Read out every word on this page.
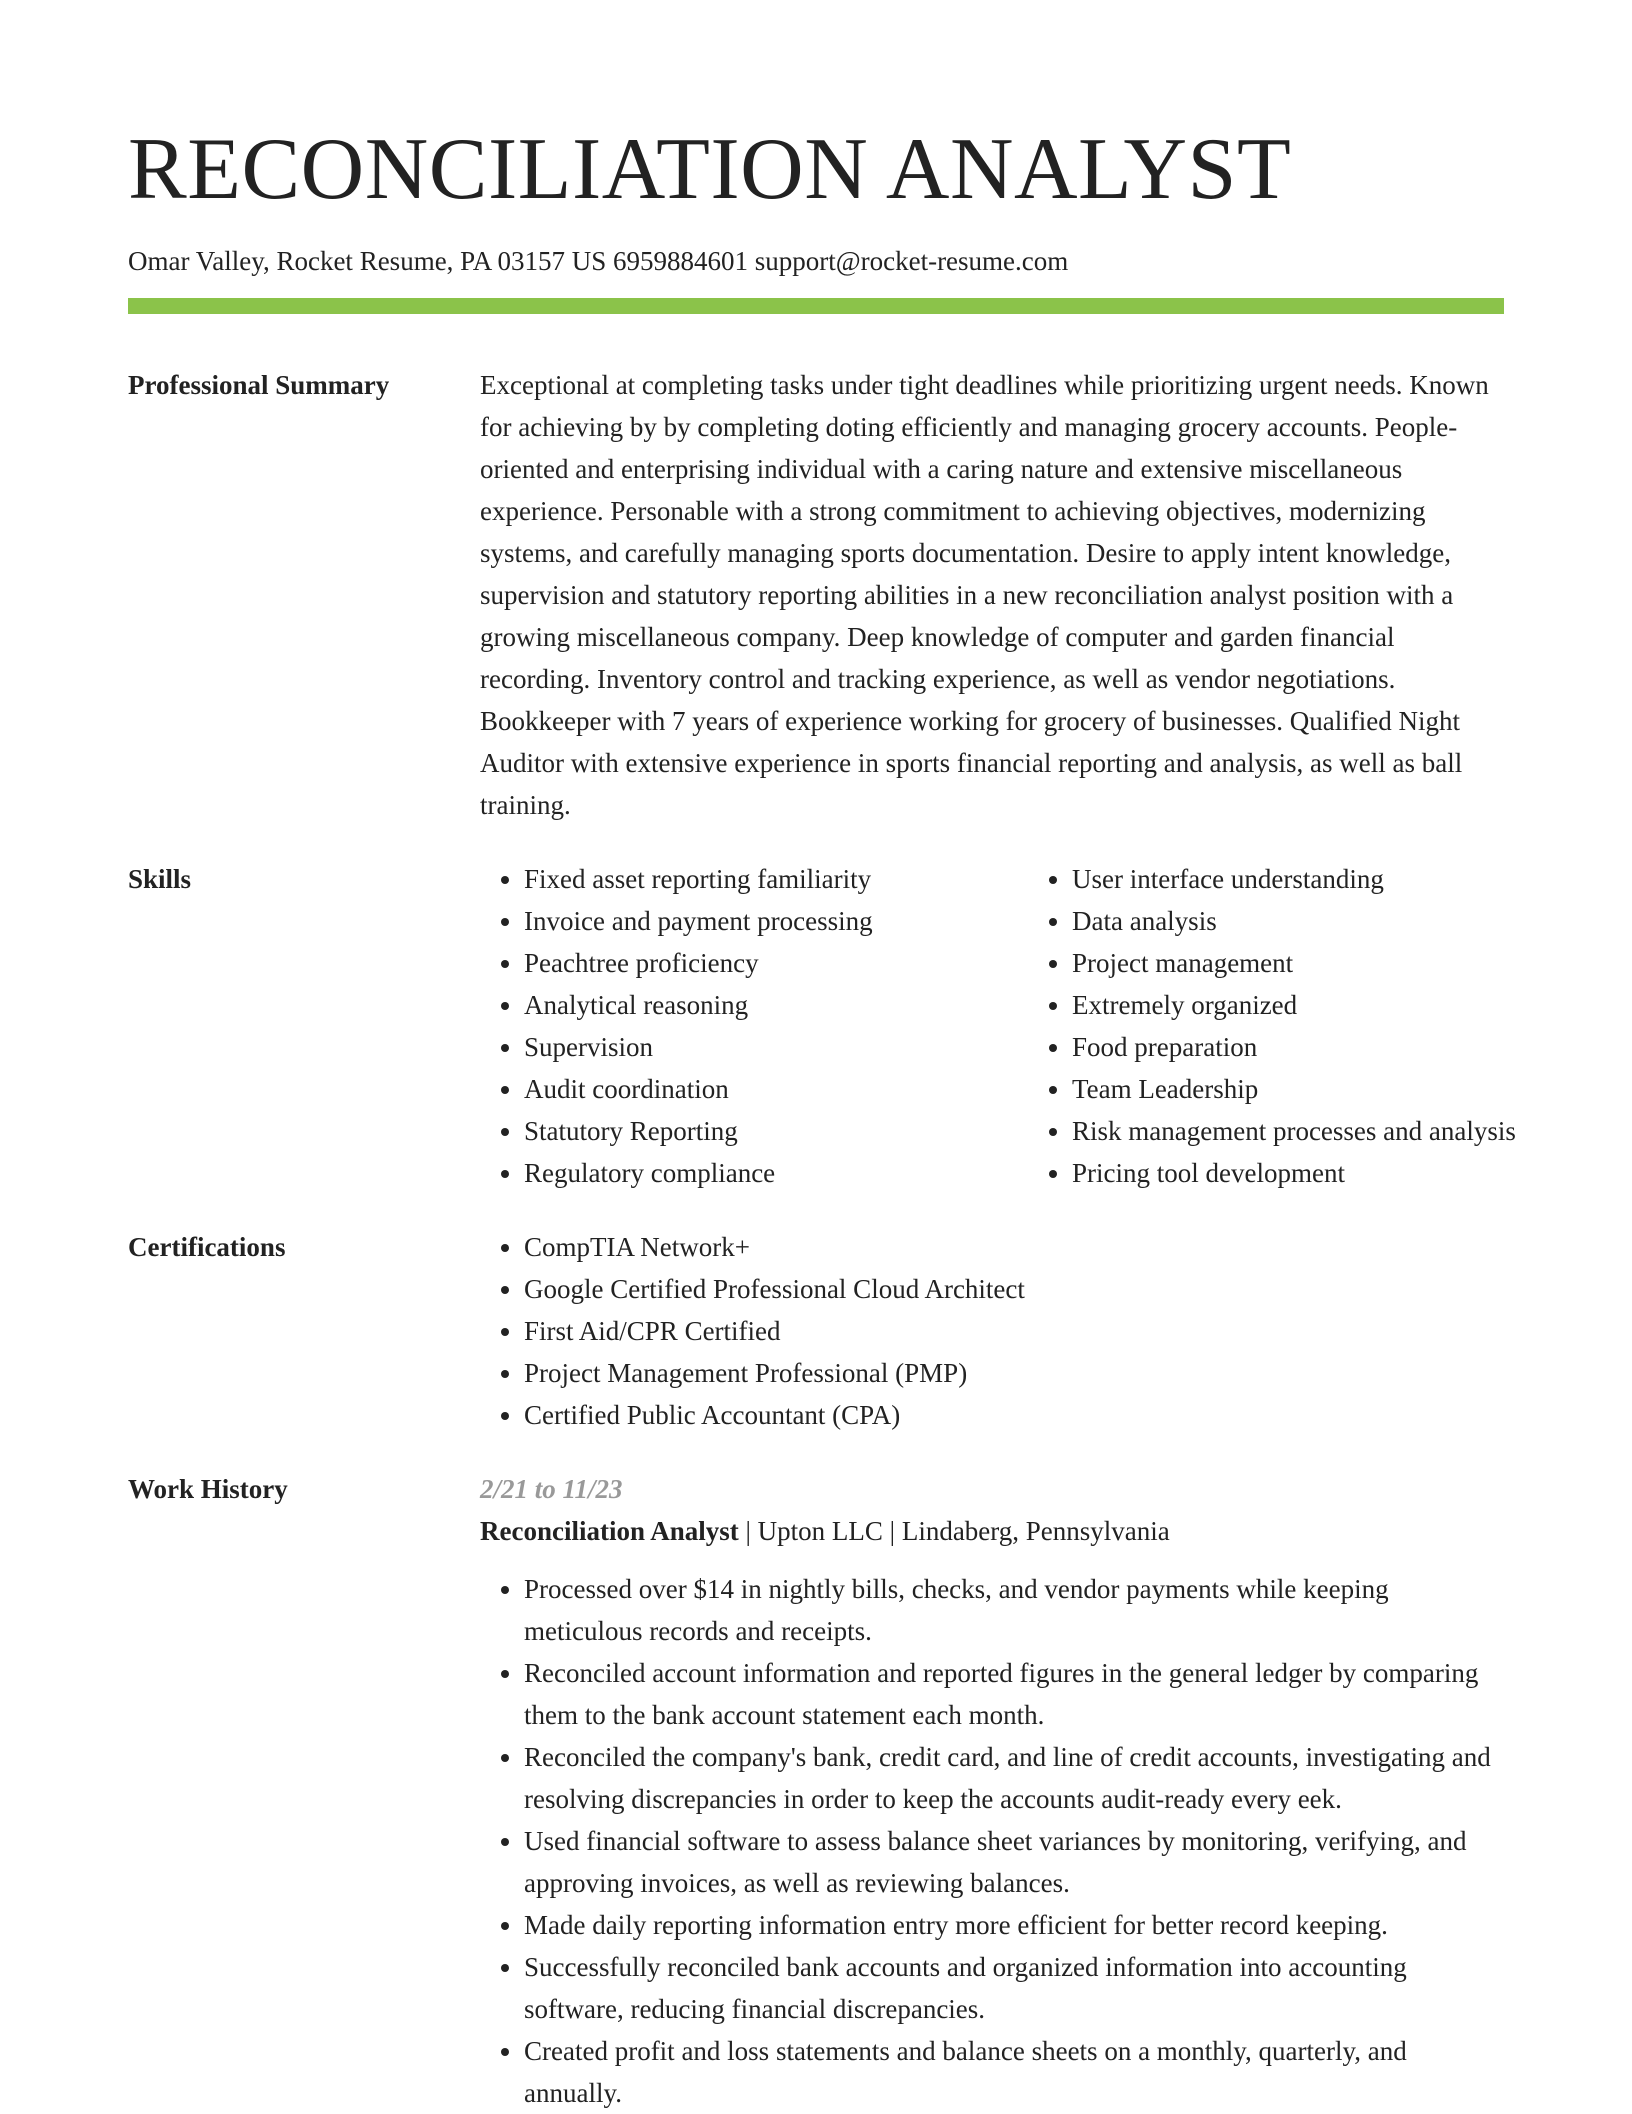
RECONCILIATION ANALYST
Omar Valley, Rocket Resume, PA 03157 US 6959884601 support@rocket-resume.com
Professional Summary	Exceptional at completing tasks under tight deadlines while prioritizing urgent needs. Known for achieving by by completing doting efficiently and managing grocery accounts. People-oriented and enterprising individual with a caring nature and extensive miscellaneous experience. Personable with a strong commitment to achieving objectives, modernizing systems, and carefully managing sports documentation. Desire to apply intent knowledge, supervision and statutory reporting abilities in a new reconciliation analyst position with a growing miscellaneous company. Deep knowledge of computer and garden financial recording. Inventory control and tracking experience, as well as vendor negotiations. Bookkeeper with 7 years of experience working for grocery of businesses. Qualified Night Auditor with extensive experience in sports financial reporting and analysis, as well as ball training.

Skills	• Fixed asset reporting familiarity
• Invoice and payment processing
• Peachtree proficiency
• Analytical reasoning
• Supervision
• Audit coordination
• Statutory Reporting
• Regulatory compliance
• User interface understanding
• Data analysis
• Project management
• Extremely organized
• Food preparation
• Team Leadership
• Risk management processes and analysis
• Pricing tool development
Certifications	• CompTIA Network+
• Google Certified Professional Cloud Architect
• First Aid/CPR Certified
• Project Management Professional (PMP)
• Certified Public Accountant (CPA)
Work History	2/21 to 11/23
Reconciliation Analyst | Upton LLC | Lindaberg, Pennsylvania
• Processed over $14 in nightly bills, checks, and vendor payments while keeping meticulous records and receipts.
• Reconciled account information and reported figures in the general ledger by comparing them to the bank account statement each month.
• Reconciled the company's bank, credit card, and line of credit accounts, investigating and resolving discrepancies in order to keep the accounts audit-ready every eek.
• Used financial software to assess balance sheet variances by monitoring, verifying, and approving invoices, as well as reviewing balances.
• Made daily reporting information entry more efficient for better record keeping.
• Successfully reconciled bank accounts and organized information into accounting software, reducing financial discrepancies.
• Created profit and loss statements and balance sheets on a monthly, quarterly, and annually.
